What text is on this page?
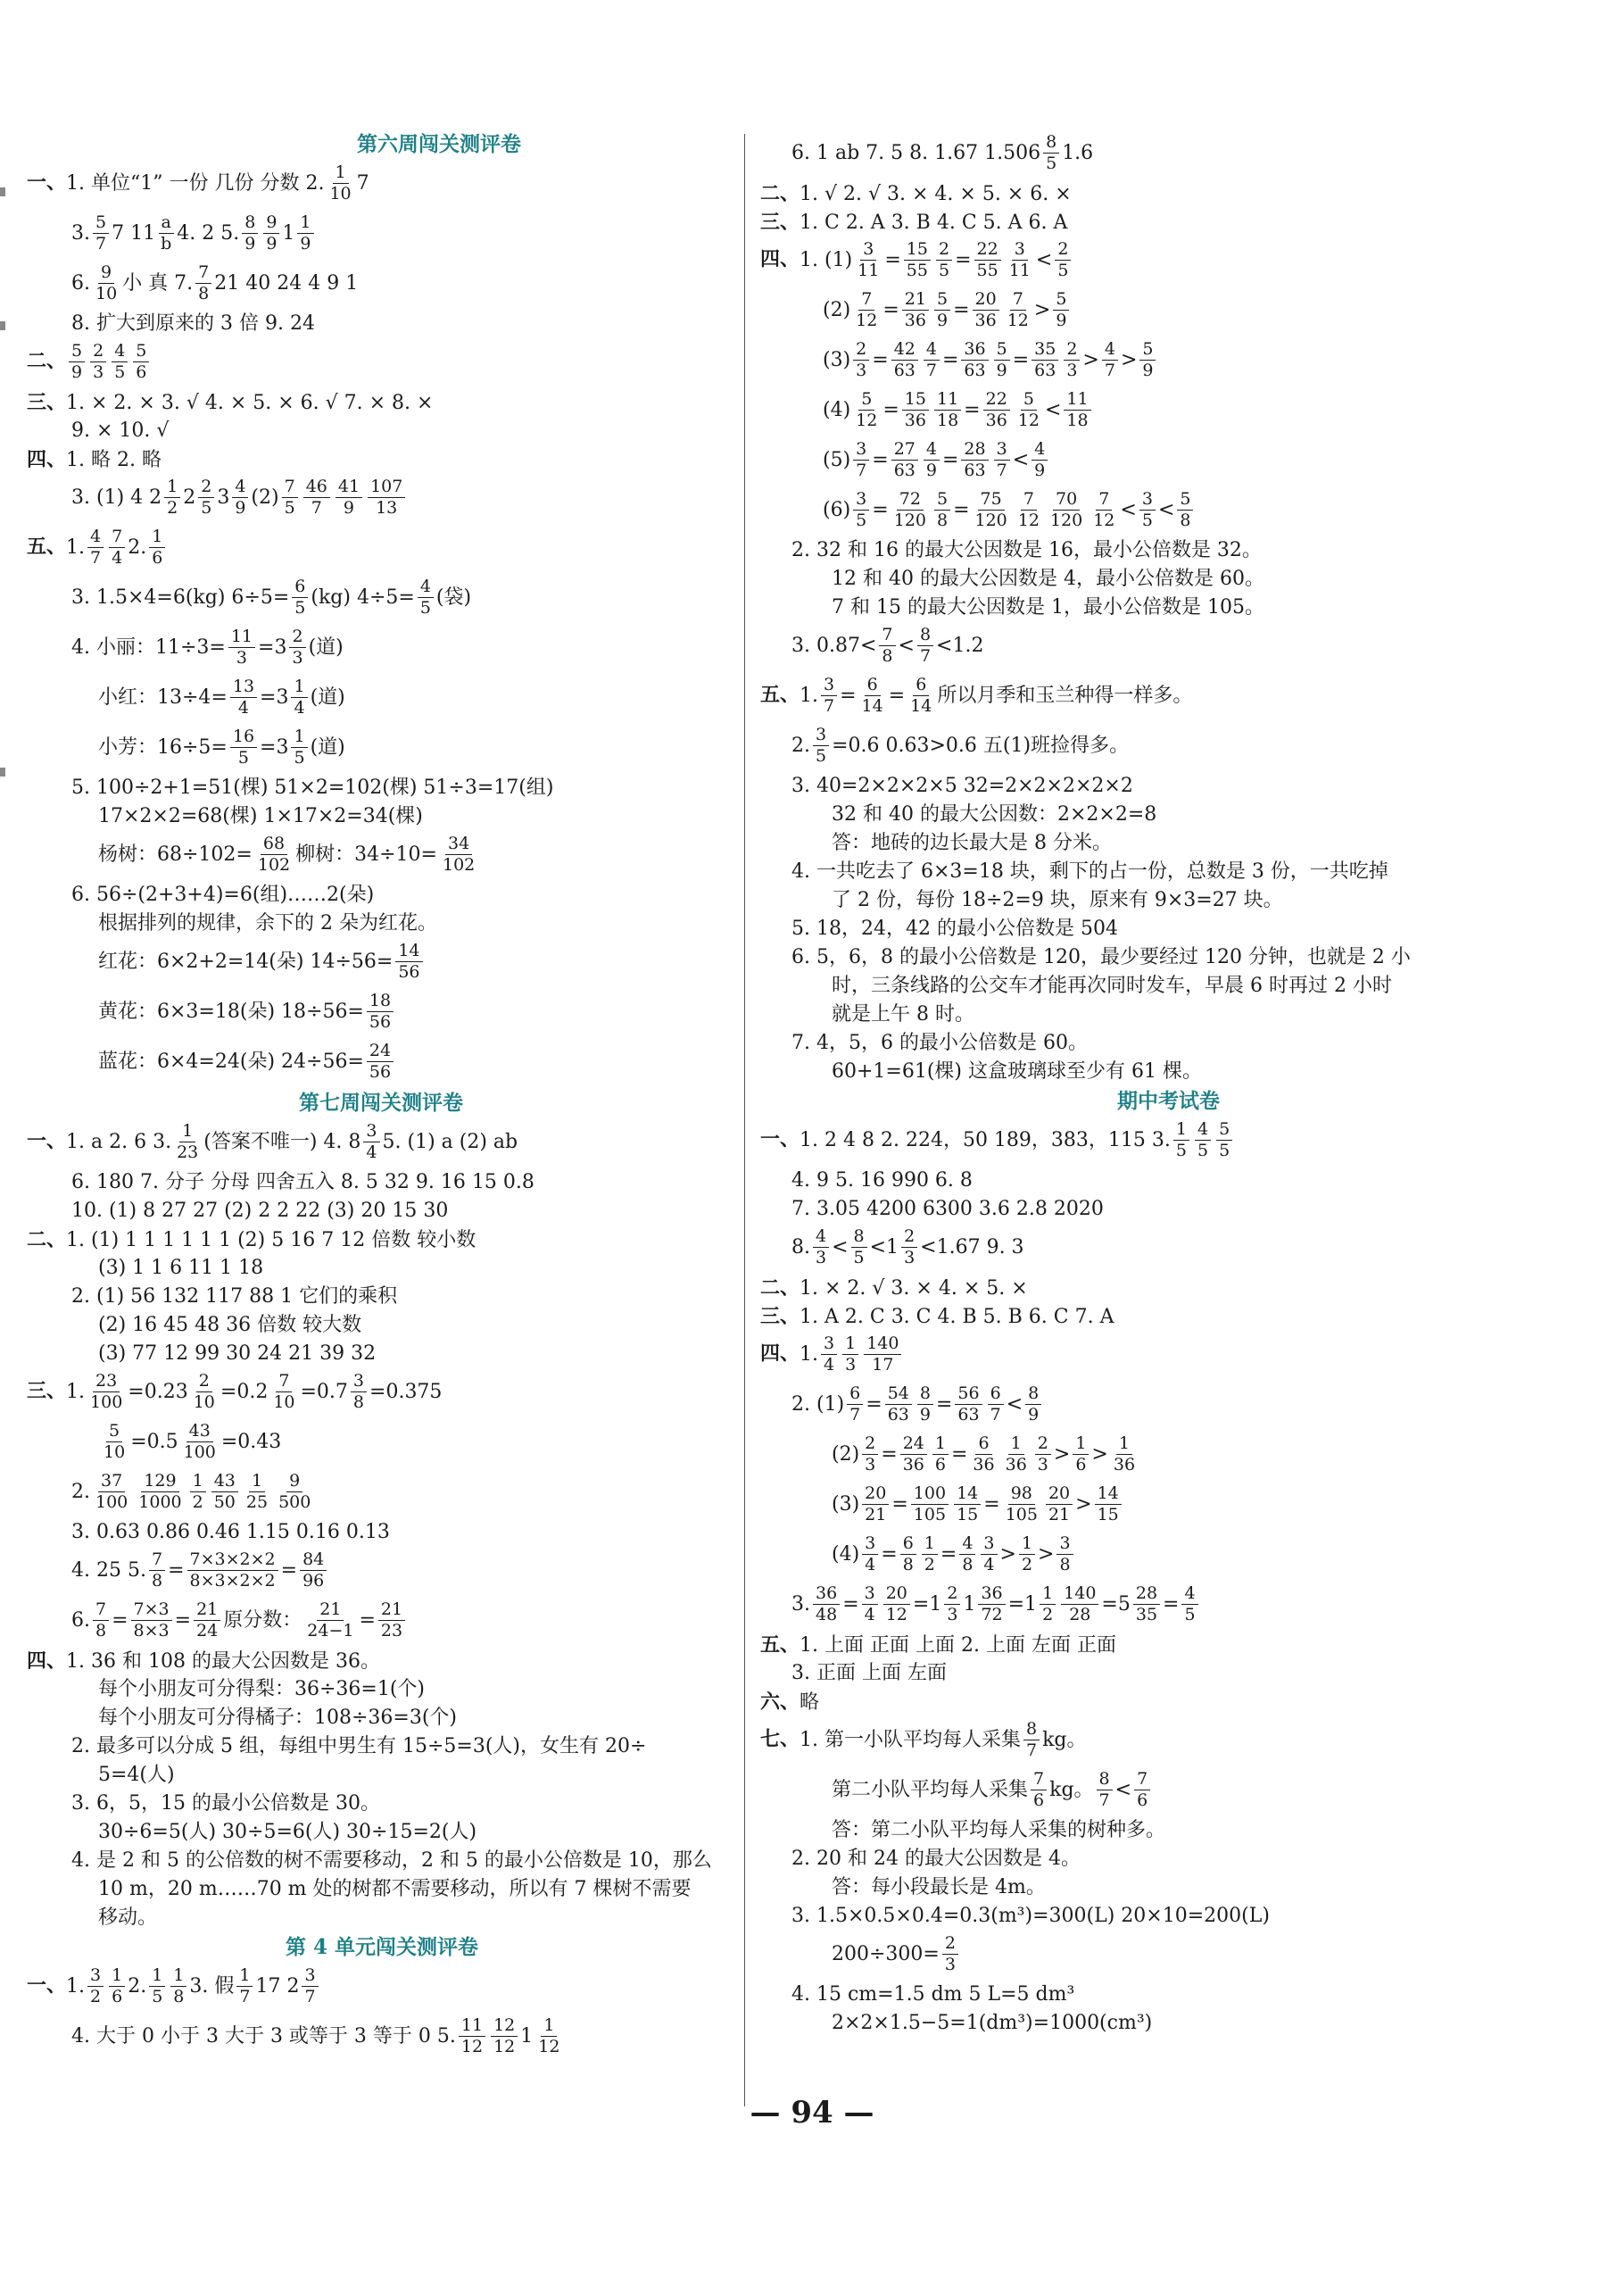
第六周闯关测评卷
一、1. 单位“1” 一份 几份 分数 2. $\frac{1}{10} 7$
3. $\frac{5}{7} 7$ $11 \frac{a}{b} 4$. 2 5. $\frac{8}{9} \frac{9}{9} 1 \frac{1}{9}$
6. $\frac{9}{10}$ 小 真 7. $\frac{7}{8} 21$ 40 24 4 9 1
8. 扩大到原来的 3 倍 9. 24
二、 $\frac{5}{9} \frac{2}{3} \frac{4}{5} \frac{5}{6}$
三、1. × 2. × 3. √ 4. × 5. × 6. √ 7. × 8. ×
9. × 10. √
四、1. 略 2. 略
3. (1) 4 $2 \frac{1}{2} 2 \frac{2}{5} 3 \frac{4}{9} (2) \frac{7}{5} \frac{46}{7} \frac{41}{9} \frac{107}{13}$
五、1. $\frac{4}{7} \frac{7}{4} 2$. $\frac{1}{6}$
3. 1.5×4=6(kg) $6\div 5= \frac{6}{5} (kg)$ $4\div 5= \frac{4}{5}$ (袋)
4. 小丽：$11\div 3= \frac{11}{3} =3 \frac{2}{3}$ (道)
小红：$13\div 4= \frac{13}{4} =3 \frac{1}{4}$ (道)
小芳：$16\div 5= \frac{16}{5} =3 \frac{1}{5}$ (道)
5. 100÷2+1=51(棵) 51×2=102(棵) 51÷3=17(组)
17×2×2=68(棵) 1×17×2=34(棵)
杨树：$68\div 102= \frac{68}{102}$ 柳树：$34\div 10= \frac{34}{102}$
6. 56÷(2+3+4)=6(组)……2(朵)
根据排列的规律，余下的 2 朵为红花。
红花：6×2+2=14(朵) $14\div 56= \frac{14}{56}$
黄花：6×3=18(朵) $18\div 56= \frac{18}{56}$
蓝花：6×4=24(朵) $24\div 56= \frac{24}{56}$
第七周闯关测评卷
一、1. a 2. 6 3. $\frac{1}{23}$ (答案不唯一) 4. $8 \frac{3}{4} 5$. (1) a (2) ab
6. 180 7. 分子 分母 四舍五入 8. 5 32 9. 16 15 0.8
10. (1) 8 27 27 (2) 2 2 22 (3) 20 15 30
二、1. (1) 1 1 1 1 1 1 (2) 5 16 7 12 倍数 较小数
(3) 1 1 6 11 1 18
2. (1) 56 132 117 88 1 它们的乘积
(2) 16 45 48 36 倍数 较大数
(3) 77 12 99 30 24 21 39 32
三、1. $\frac{23}{100} =0.23 \frac{2}{10} =0.2 \frac{7}{10} =0.7 \frac{3}{8} =0.375$
$\frac{5}{10} =0.5 \frac{43}{100} =0.43$
2. $\frac{37}{100} \frac{129}{1000} \frac{1}{2} \frac{43}{50} \frac{1}{25} \frac{9}{500}$
3. 0.63 0.86 0.46 1.15 0.16 0.13
4. 25 5. $\frac{7}{8} = \frac{7\times 3\times 2\times 2}{8\times 3\times 2\times 2} = \frac{84}{96}$
6. $\frac{7}{8} = \frac{7\times 3}{8\times 3} = \frac{21}{24}$ 原分数： $\frac{21}{24-1} = \frac{21}{23}$
四、1. 36 和 108 的最大公因数是 36。
每个小朋友可分得梨：36÷36=1(个)
每个小朋友可分得橘子：108÷36=3(个)
2. 最多可以分成 5 组，每组中男生有 15÷5=3(人)，女生有 20÷
5=4(人)
3. 6，5，15 的最小公倍数是 30。
30÷6=5(人) 30÷5=6(人) 30÷15=2(人)
4. 是 2 和 5 的公倍数的树不需要移动，2 和 5 的最小公倍数是 10，那么
10 m，20 m……70 m 处的树都不需要移动，所以有 7 棵树不需要
移动。
第 4 单元闯关测评卷
一、1. $\frac{3}{2} \frac{1}{6} 2$. $\frac{1}{5} \frac{1}{8} 3$. 假 $\frac{1}{7} 17$ $2 \frac{3}{7}$
4. 大于 0 小于 3 大于 3 或等于 3 等于 0 5. $\frac{11}{12} \frac{12}{12} 1 \frac{1}{12}$
6. 1 ab 7. 5 8. 1.67 $1.506 \frac{8}{5} 1.6$
二、1. √ 2. √ 3. × 4. × 5. × 6. ×
三、1. C 2. A 3. B 4. C 5. A 6. A
四、1. $(1) \frac{3}{11} = \frac{15}{55} \frac{2}{5} = \frac{22}{55} \frac{3}{11} < \frac{2}{5}$
$(2) \frac{7}{12} = \frac{21}{36} \frac{5}{9} = \frac{20}{36} \frac{7}{12} > \frac{5}{9}$
$(3) \frac{2}{3} = \frac{42}{63} \frac{4}{7} = \frac{36}{63} \frac{5}{9} = \frac{35}{63} \frac{2}{3} > \frac{4}{7} > \frac{5}{9}$
$(4) \frac{5}{12} = \frac{15}{36} \frac{11}{18} = \frac{22}{36} \frac{5}{12} < \frac{11}{18}$
$(5) \frac{3}{7} = \frac{27}{63} \frac{4}{9} = \frac{28}{63} \frac{3}{7} < \frac{4}{9}$
$(6) \frac{3}{5} = \frac{72}{120} \frac{5}{8} = \frac{75}{120} \frac{7}{12} \frac{70}{120} \frac{7}{12} < \frac{3}{5} < \frac{5}{8}$
2. 32 和 16 的最大公因数是 16，最小公倍数是 32。
12 和 40 的最大公因数是 4，最小公倍数是 60。
7 和 15 的最大公因数是 1，最小公倍数是 105。
3. $0.87< \frac{7}{8} < \frac{8}{7} <1.2$
五、1. $\frac{3}{7} = \frac{6}{14} = \frac{6}{14}$ 所以月季和玉兰种得一样多。
2. $\frac{3}{5} =0.6$ 0.63>0.6 五(1)班捡得多。
3. 40=2×2×2×5 32=2×2×2×2×2
32 和 40 的最大公因数：2×2×2=8
答：地砖的边长最大是 8 分米。
4. 一共吃去了 6×3=18 块，剩下的占一份，总数是 3 份，一共吃掉
了 2 份，每份 18÷2=9 块，原来有 9×3=27 块。
5. 18，24，42 的最小公倍数是 504
6. 5，6，8 的最小公倍数是 120，最少要经过 120 分钟，也就是 2 小
时，三条线路的公交车才能再次同时发车，早晨 6 时再过 2 小时
就是上午 8 时。
7. 4，5，6 的最小公倍数是 60。
60+1=61(棵) 这盒玻璃球至少有 61 棵。
期中考试卷
一、1. 2 4 8 2. 224，50 189，383，115 3. $\frac{1}{5} \frac{4}{5} \frac{5}{5}$
4. 9 5. 16 990 6. 8
7. 3.05 4200 6300 3.6 2.8 2020
8. $\frac{4}{3} < \frac{8}{5} <1 \frac{2}{3} <1.67$ 9. 3
二、1. × 2. √ 3. × 4. × 5. ×
三、1. A 2. C 3. C 4. B 5. B 6. C 7. A
四、1. $\frac{3}{4} \frac{1}{3} \frac{140}{17}$
2. $(1) \frac{6}{7} = \frac{54}{63} \frac{8}{9} = \frac{56}{63} \frac{6}{7} < \frac{8}{9}$
$(2) \frac{2}{3} = \frac{24}{36} \frac{1}{6} = \frac{6}{36} \frac{1}{36} \frac{2}{3} > \frac{1}{6} > \frac{1}{36}$
$(3) \frac{20}{21} = \frac{100}{105} \frac{14}{15} = \frac{98}{105} \frac{20}{21} > \frac{14}{15}$
$(4) \frac{3}{4} = \frac{6}{8} \frac{1}{2} = \frac{4}{8} \frac{3}{4} > \frac{1}{2} > \frac{3}{8}$
3. $\frac{36}{48} = \frac{3}{4} \frac{20}{12} =1 \frac{2}{3} 1 \frac{36}{72} =1 \frac{1}{2} \frac{140}{28} =5 \frac{28}{35} = \frac{4}{5}$
五、1. 上面 正面 上面 2. 上面 左面 正面
3. 正面 上面 左面
六、略
七、1. 第一小队平均每人采集 $\frac{8}{7}$ kg。
第二小队平均每人采集 $\frac{7}{6}$ kg。 $\frac{8}{7} < \frac{7}{6}$
答：第二小队平均每人采集的树种多。
2. 20 和 24 的最大公因数是 4。
答：每小段最长是 4m。
3. 1.5×0.5×0.4=0.3(m³)=300(L) 20×10=200(L)
$200\div 300= \frac{2}{3}$
4. 15 cm=1.5 dm 5 L=5 dm³
2×2×1.5−5=1(dm³)=1000(cm³)
— 94 —
